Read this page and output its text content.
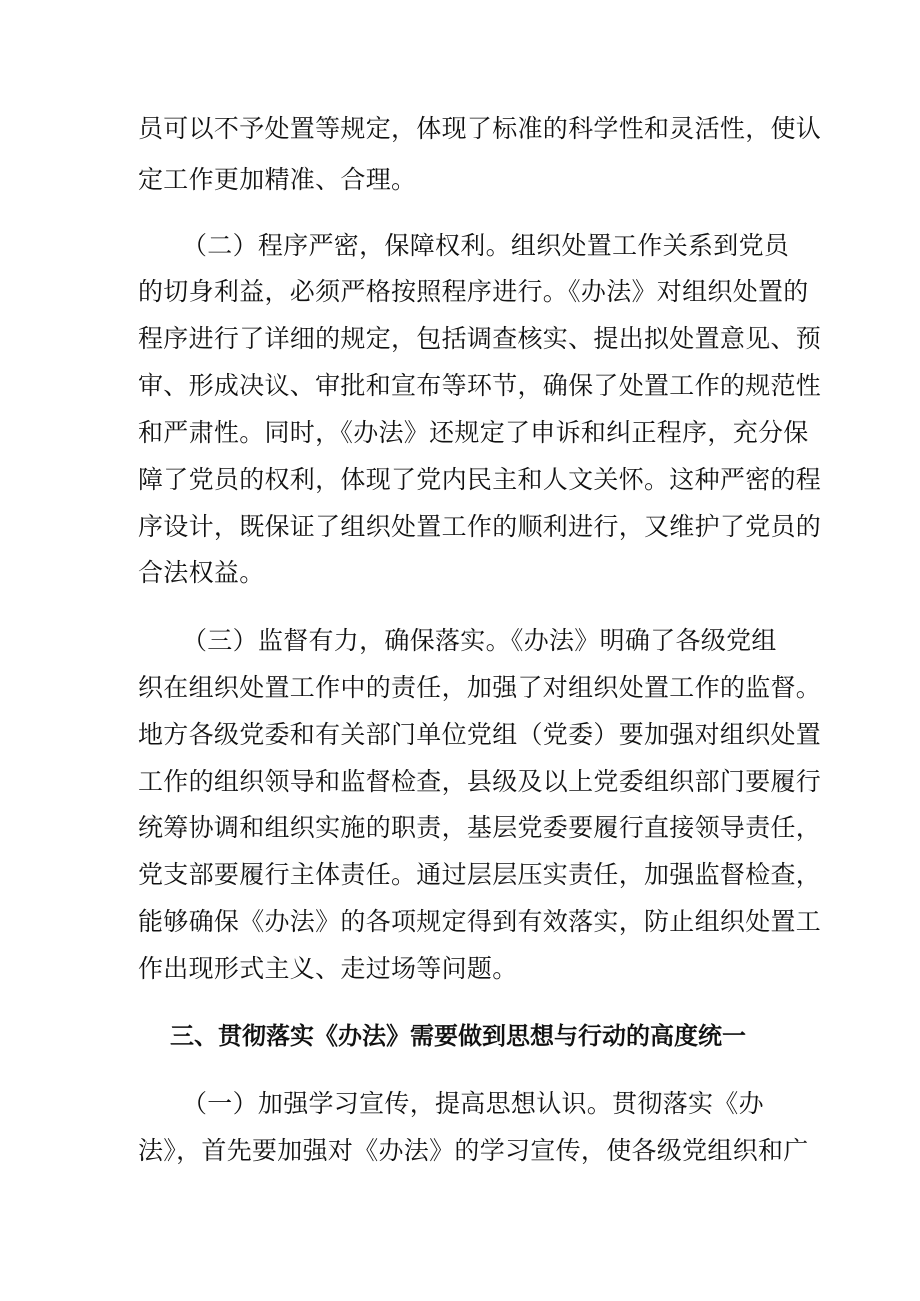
员可以不予处置等规定，体现了标准的科学性和灵活性，使认
定工作更加精准、合理。
（二）程序严密，保障权利。组织处置工作关系到党员
的切身利益，必须严格按照程序进行。《办法》对组织处置的
程序进行了详细的规定，包括调查核实、提出拟处置意见、预
审、形成决议、审批和宣布等环节，确保了处置工作的规范性
和严肃性。同时，《办法》还规定了申诉和纠正程序，充分保
障了党员的权利，体现了党内民主和人文关怀。这种严密的程
序设计，既保证了组织处置工作的顺利进行，又维护了党员的
合法权益。
（三）监督有力，确保落实。《办法》明确了各级党组
织在组织处置工作中的责任，加强了对组织处置工作的监督。
地方各级党委和有关部门单位党组（党委）要加强对组织处置
工作的组织领导和监督检查，县级及以上党委组织部门要履行
统筹协调和组织实施的职责，基层党委要履行直接领导责任，
党支部要履行主体责任。通过层层压实责任，加强监督检查，
能够确保《办法》的各项规定得到有效落实，防止组织处置工
作出现形式主义、走过场等问题。
三、贯彻落实《办法》需要做到思想与行动的高度统一
（一）加强学习宣传，提高思想认识。贯彻落实《办
法》，首先要加强对《办法》的学习宣传，使各级党组织和广
